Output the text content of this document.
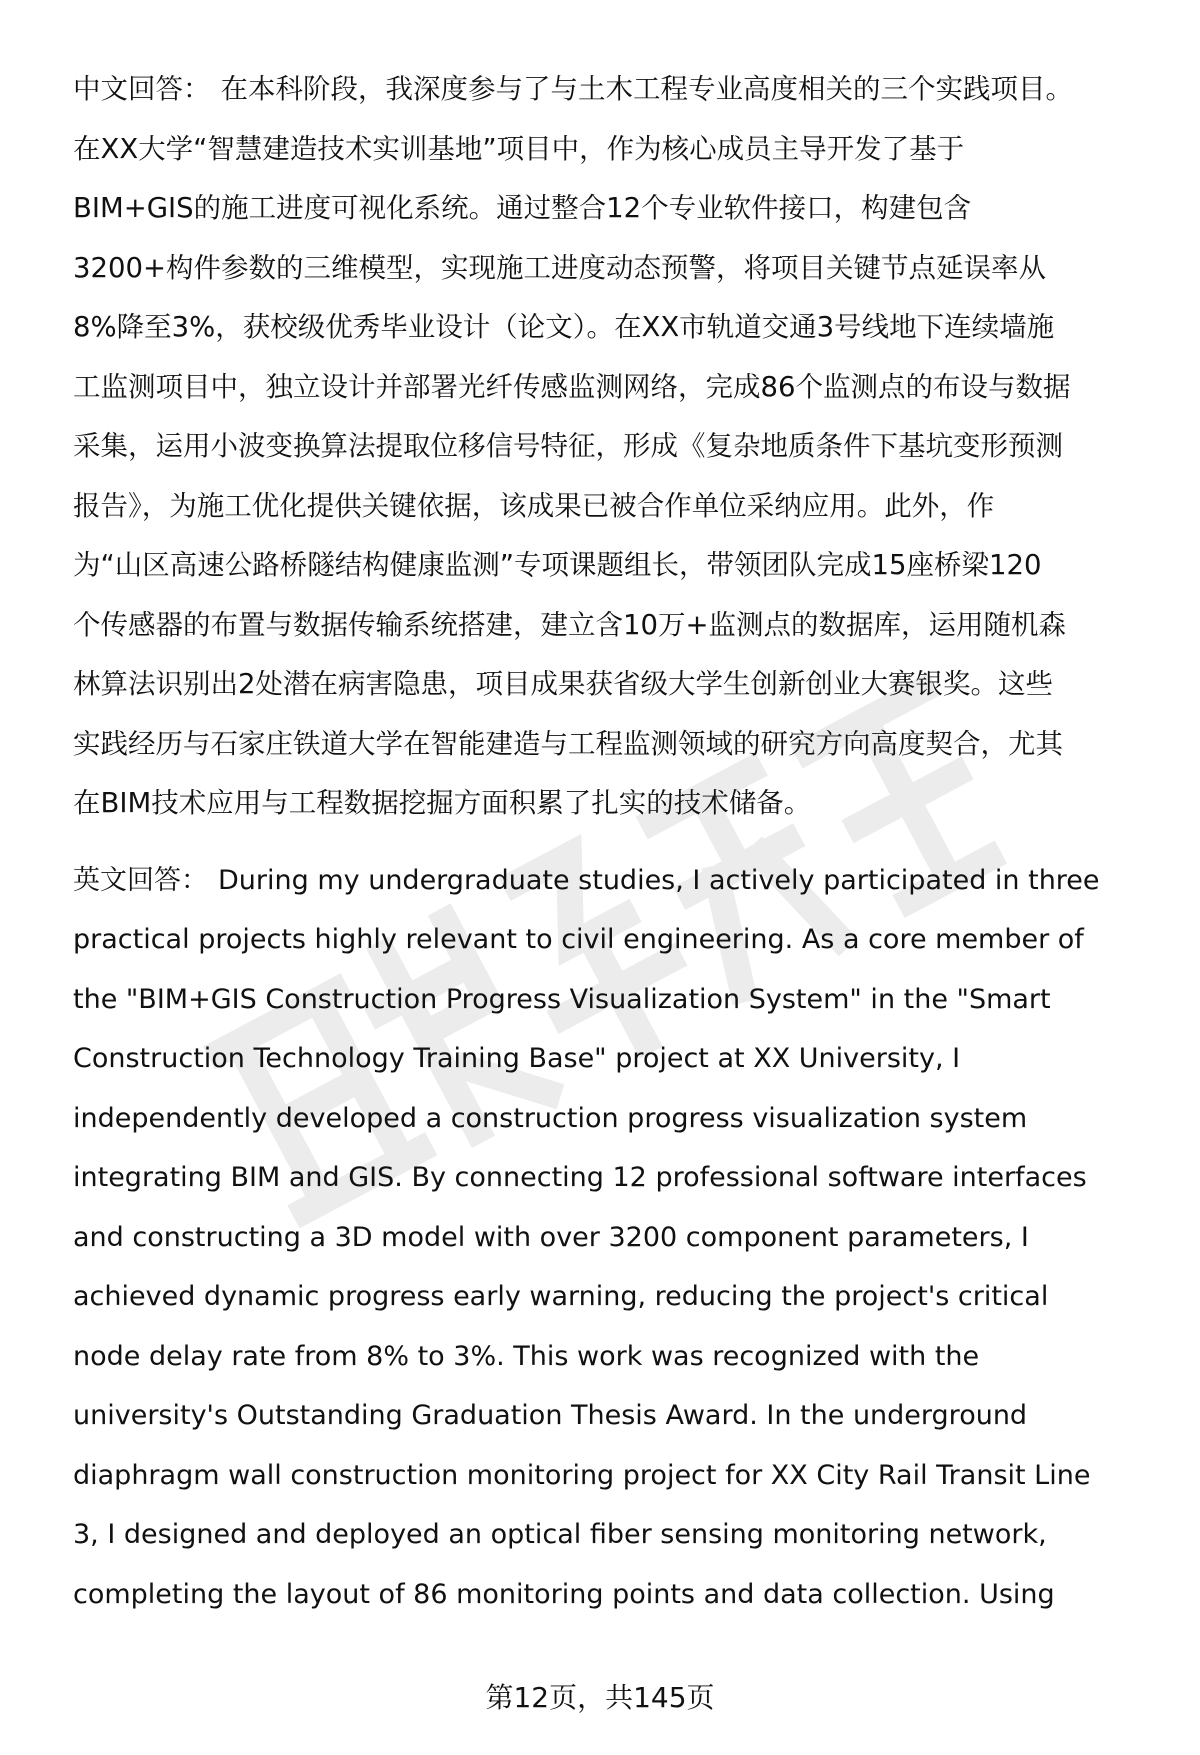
中文回答： 在本科阶段，我深度参与了与土木工程专业高度相关的三个实践项目。
在XX大学“智慧建造技术实训基地”项目中，作为核心成员主导开发了基于
BIM+GIS的施工进度可视化系统。通过整合12个专业软件接口，构建包含
3200+构件参数的三维模型，实现施工进度动态预警，将项目关键节点延误率从
8%降至3%，获校级优秀毕业设计（论文）。在XX市轨道交通3号线地下连续墙施
工监测项目中，独立设计并部署光纤传感监测网络，完成86个监测点的布设与数据
采集，运用小波变换算法提取位移信号特征，形成《复杂地质条件下基坑变形预测
报告》，为施工优化提供关键依据，该成果已被合作单位采纳应用。此外，作
为“山区高速公路桥隧结构健康监测”专项课题组长，带领团队完成15座桥梁120
个传感器的布置与数据传输系统搭建，建立含10万+监测点的数据库，运用随机森
林算法识别出2处潜在病害隐患，项目成果获省级大学生创新创业大赛银奖。这些
实践经历与石家庄铁道大学在智能建造与工程监测领域的研究方向高度契合，尤其
在BIM技术应用与工程数据挖掘方面积累了扎实的技术储备。
英文回答： During my undergraduate studies, I actively participated in three
practical projects highly relevant to civil engineering. As a core member of
the "BIM+GIS Construction Progress Visualization System" in the "Smart
Construction Technology Training Base" project at XX University, I
independently developed a construction progress visualization system
integrating BIM and GIS. By connecting 12 professional software interfaces
and constructing a 3D model with over 3200 component parameters, I
achieved dynamic progress early warning, reducing the project's critical
node delay rate from 8% to 3%. This work was recognized with the
university's Outstanding Graduation Thesis Award. In the underground
diaphragm wall construction monitoring project for XX City Rail Transit Line
3, I designed and deployed an optical fiber sensing monitoring network,
completing the layout of 86 monitoring points and data collection. Using
第12页，共145页
